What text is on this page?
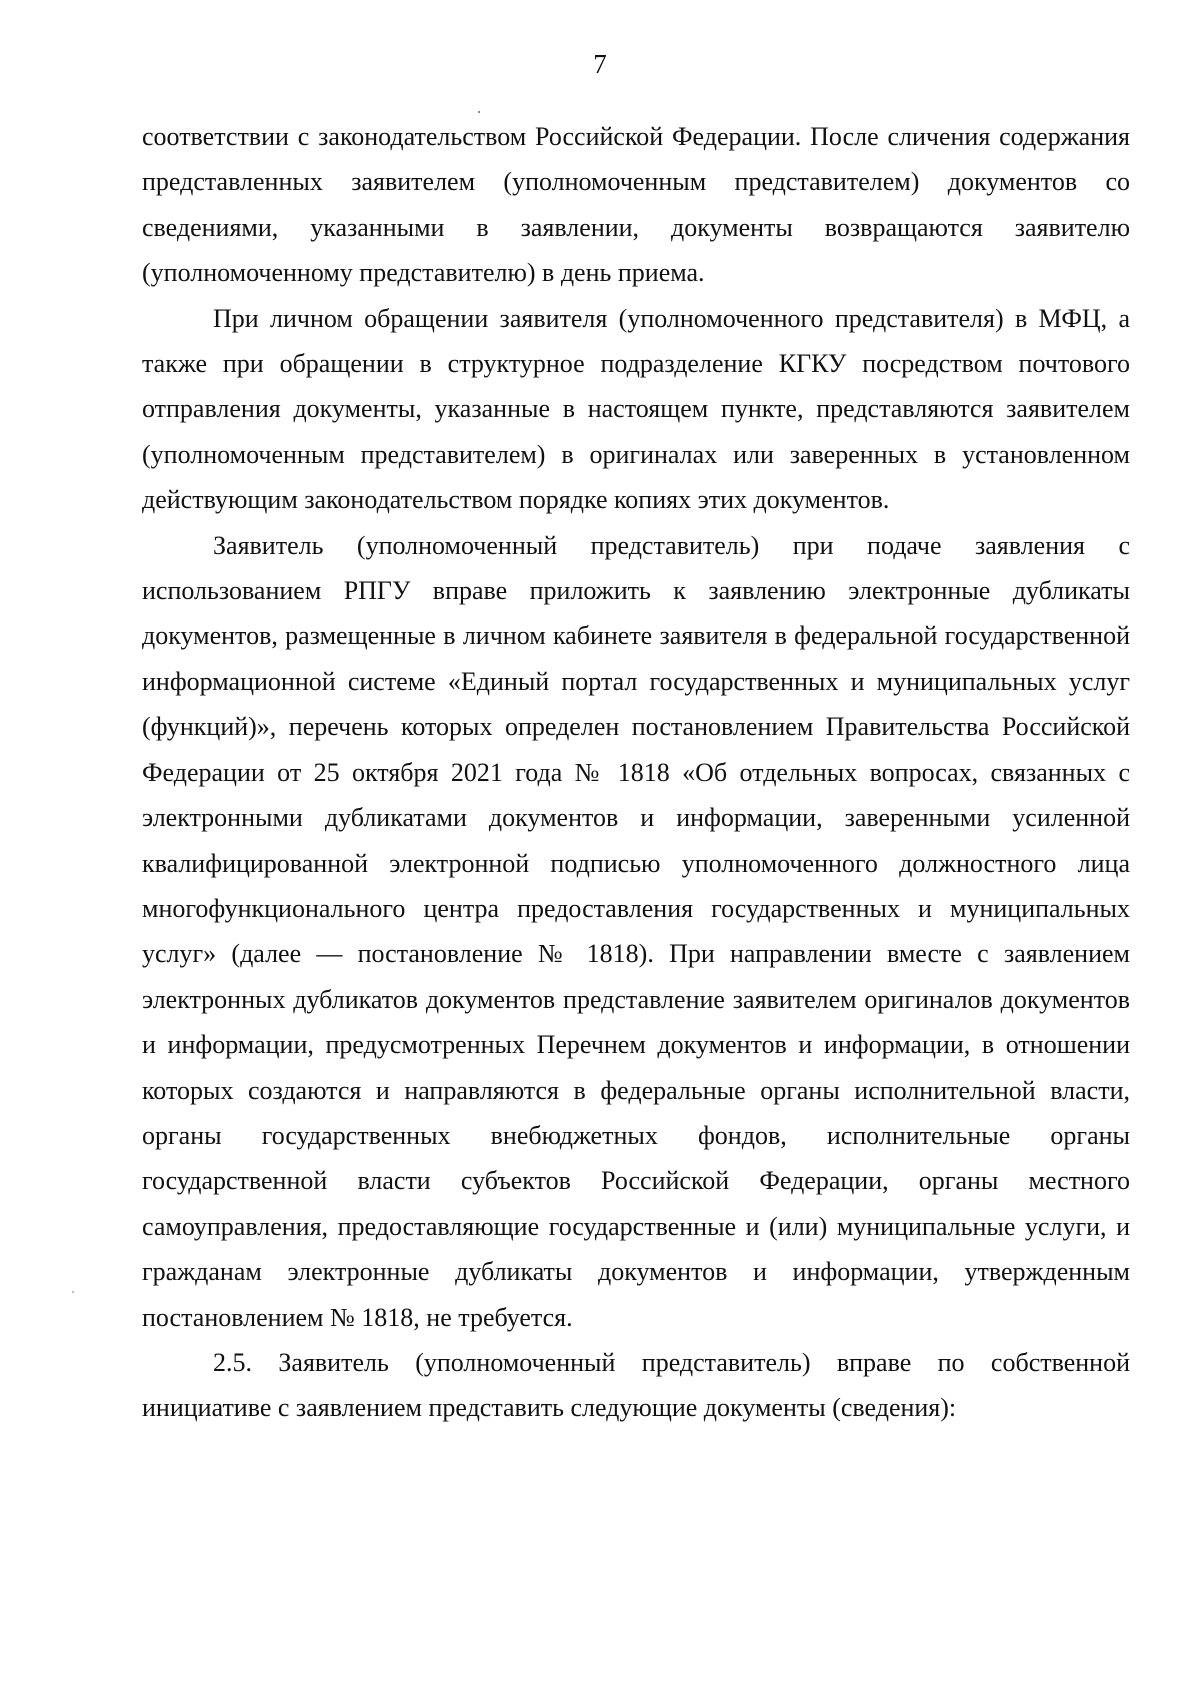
7

соответствии с законодательством Российской Федерации. После сличения содержания представленных заявителем (уполномоченным представителем) документов со сведениями, указанными в заявлении, документы возвращаются заявителю (уполномоченному представителю) в день приема.

При личном обращении заявителя (уполномоченного представителя) в МФЦ, а также при обращении в структурное подразделение КГКУ посредством почтового отправления документы, указанные в настоящем пункте, представляются заявителем (уполномоченным представителем) в оригиналах или заверенных в установленном действующим законодательством порядке копиях этих документов.

Заявитель (уполномоченный представитель) при подаче заявления с использованием РПГУ вправе приложить к заявлению электронные дубликаты документов, размещенные в личном кабинете заявителя в федеральной государственной информационной системе «Единый портал государственных и муниципальных услуг (функций)», перечень которых определен постановлением Правительства Российской Федерации от 25 октября 2021 года № 1818 «Об отдельных вопросах, связанных с электронными дубликатами документов и информации, заверенными усиленной квалифицированной электронной подписью уполномоченного должностного лица многофункционального центра предоставления государственных и муниципальных услуг» (далее — постановление № 1818). При направлении вместе с заявлением электронных дубликатов документов представление заявителем оригиналов документов и информации, предусмотренных Перечнем документов и информации, в отношении которых создаются и направляются в федеральные органы исполнительной власти, органы государственных внебюджетных фондов, исполнительные органы государственной власти субъектов Российской Федерации, органы местного самоуправления, предоставляющие государственные и (или) муниципальные услуги, и гражданам электронные дубликаты документов и информации, утвержденным постановлением № 1818, не требуется.

2.5. Заявитель (уполномоченный представитель) вправе по собственной инициативе с заявлением представить следующие документы (сведения):
